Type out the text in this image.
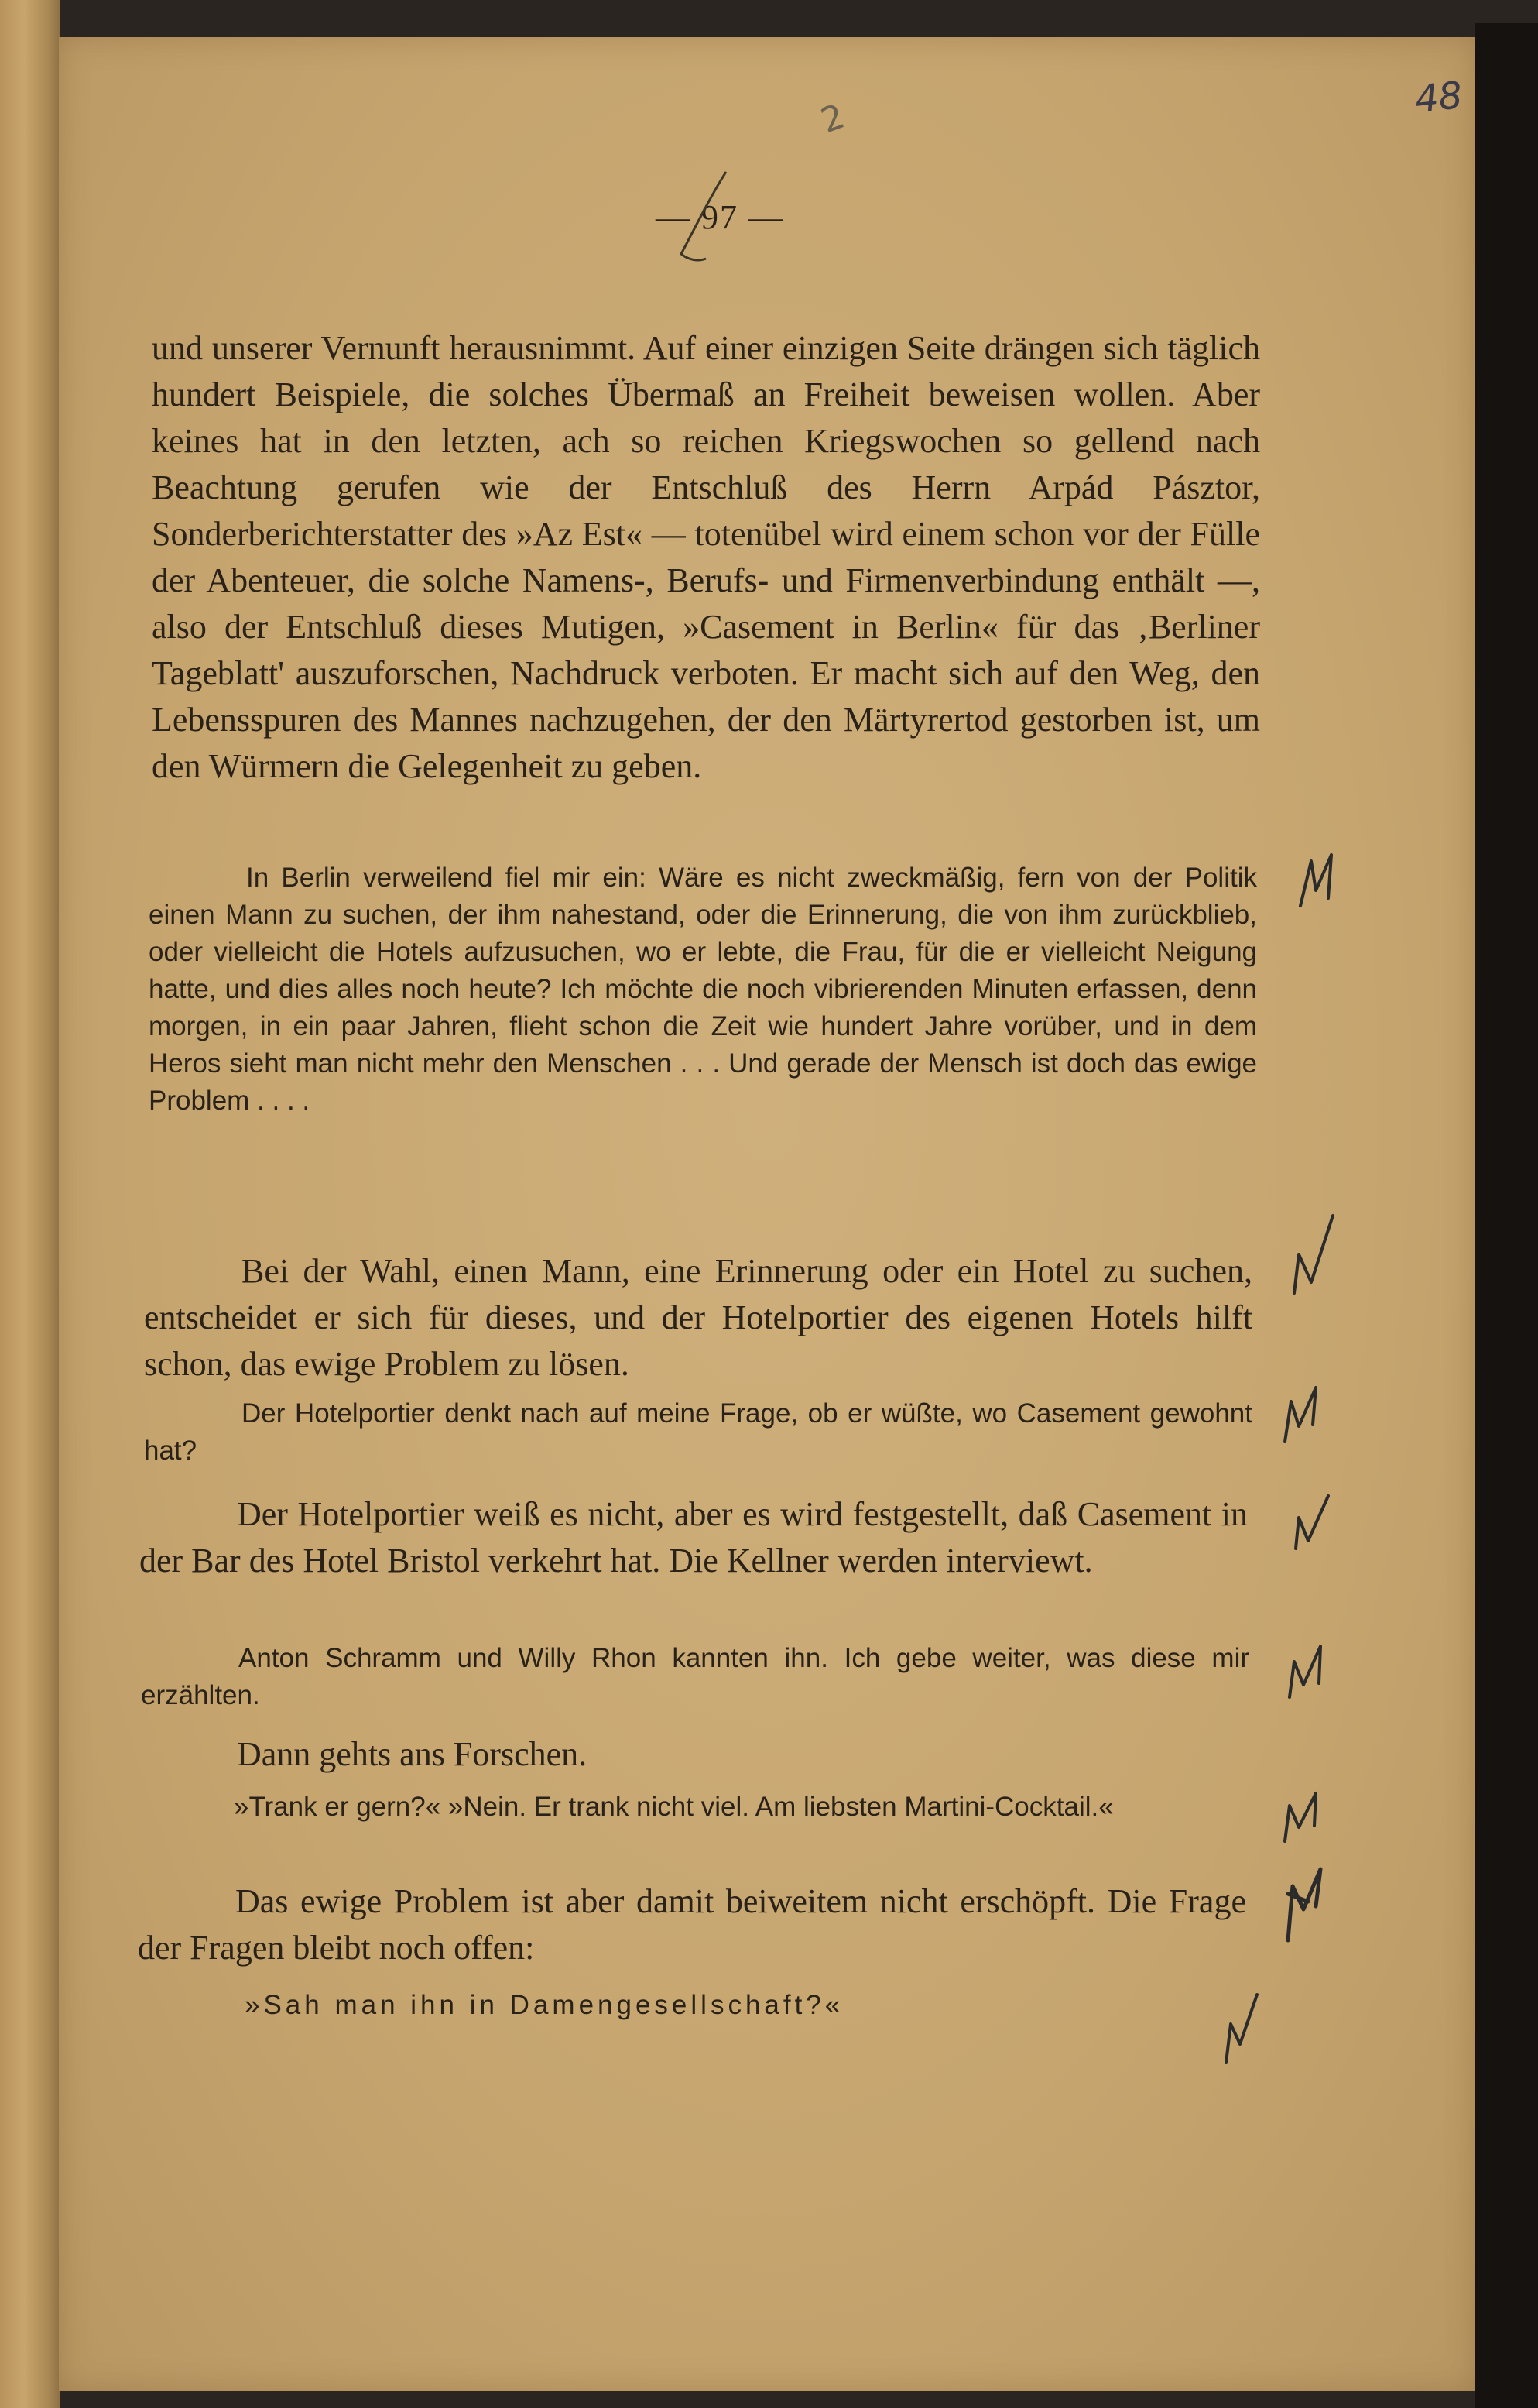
48

2

— 97 —

und unserer Vernunft herausnimmt. Auf einer einzigen Seite drängen sich täglich hundert Beispiele, die solches Übermaß an Freiheit beweisen wollen. Aber keines hat in den letzten, ach so reichen Kriegswochen so gellend nach Beachtung gerufen wie der Entschluß des Herrn Arpád Pásztor, Sonderberichterstatter des »Az Est« — totenübel wird einem schon vor der Fülle der Abenteuer, die solche Namens-, Berufs- und Firmenverbindung enthält —, also der Entschluß dieses Mutigen, »Casement in Berlin« für das ‚Berliner Tageblatt' auszuforschen, Nachdruck verboten. Er macht sich auf den Weg, den Lebensspuren des Mannes nachzugehen, der den Märtyrertod gestorben ist, um den Würmern die Gelegenheit zu geben.

In Berlin verweilend fiel mir ein: Wäre es nicht zweckmäßig, fern von der Politik einen Mann zu suchen, der ihm nahestand, oder die Erinnerung, die von ihm zurückblieb, oder vielleicht die Hotels aufzusuchen, wo er lebte, die Frau, für die er vielleicht Neigung hatte, und dies alles noch heute? Ich möchte die noch vibrierenden Minuten erfassen, denn morgen, in ein paar Jahren, flieht schon die Zeit wie hundert Jahre vorüber, und in dem Heros sieht man nicht mehr den Menschen . . . Und gerade der Mensch ist doch das ewige Problem . . . .

Bei der Wahl, einen Mann, eine Erinnerung oder ein Hotel zu suchen, entscheidet er sich für dieses, und der Hotelportier des eigenen Hotels hilft schon, das ewige Problem zu lösen.

Der Hotelportier denkt nach auf meine Frage, ob er wüßte, wo Casement gewohnt hat?

Der Hotelportier weiß es nicht, aber es wird festgestellt, daß Casement in der Bar des Hotel Bristol verkehrt hat. Die Kellner werden interviewt.

Anton Schramm und Willy Rhon kannten ihn. Ich gebe weiter, was diese mir erzählten.

Dann gehts ans Forschen.

»Trank er gern?« »Nein. Er trank nicht viel. Am liebsten Martini-Cocktail.«

Das ewige Problem ist aber damit beiweitem nicht erschöpft. Die Frage der Fragen bleibt noch offen:

»Sah man ihn in Damengesellschaft?«
